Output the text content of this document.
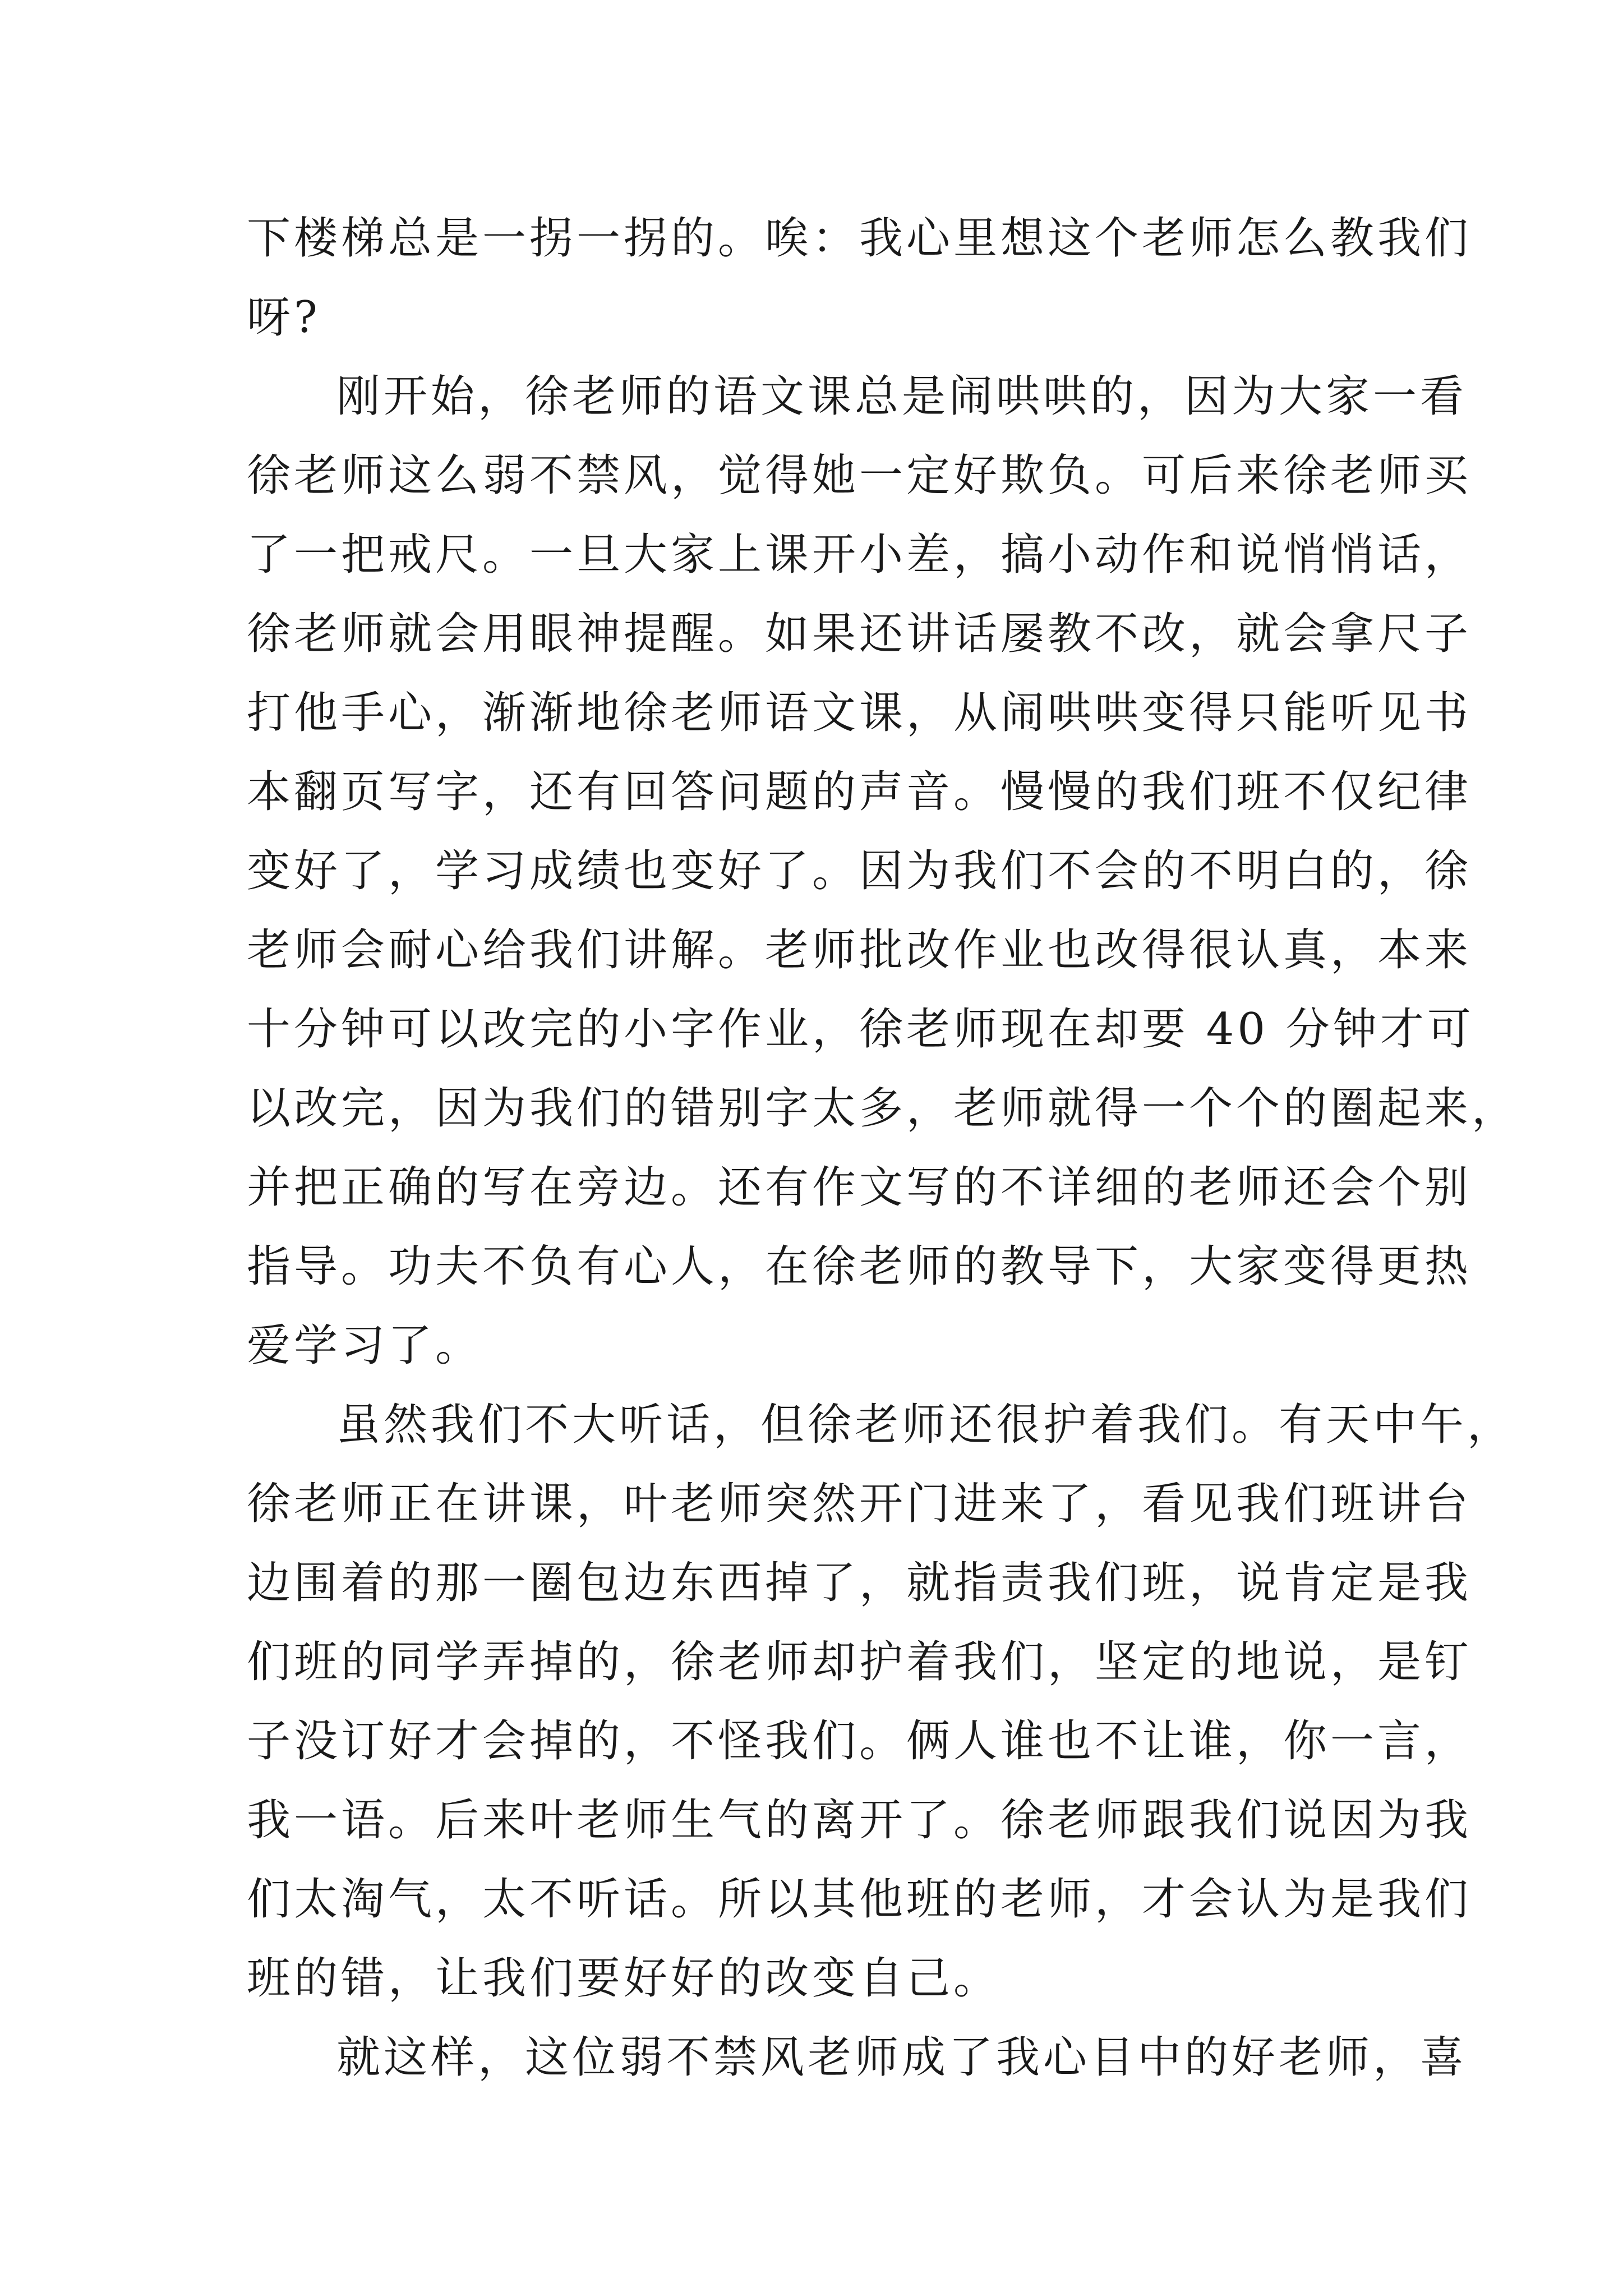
下楼梯总是一拐一拐的。唉：我心里想这个老师怎么教我们
呀?
刚开始，徐老师的语文课总是闹哄哄的，因为大家一看
徐老师这么弱不禁风，觉得她一定好欺负。可后来徐老师买
了一把戒尺。一旦大家上课开小差，搞小动作和说悄悄话，
徐老师就会用眼神提醒。如果还讲话屡教不改，就会拿尺子
打他手心，渐渐地徐老师语文课，从闹哄哄变得只能听见书
本翻页写字，还有回答问题的声音。慢慢的我们班不仅纪律
变好了，学习成绩也变好了。因为我们不会的不明白的，徐
老师会耐心给我们讲解。老师批改作业也改得很认真，本来
十分钟可以改完的小字作业，徐老师现在却要 40 分钟才可
以改完，因为我们的错别字太多，老师就得一个个的圈起来，
并把正确的写在旁边。还有作文写的不详细的老师还会个别
指导。功夫不负有心人，在徐老师的教导下，大家变得更热
爱学习了。
虽然我们不大听话，但徐老师还很护着我们。有天中午，
徐老师正在讲课，叶老师突然开门进来了，看见我们班讲台
边围着的那一圈包边东西掉了，就指责我们班，说肯定是我
们班的同学弄掉的，徐老师却护着我们，坚定的地说，是钉
子没订好才会掉的，不怪我们。俩人谁也不让谁，你一言，
我一语。后来叶老师生气的离开了。徐老师跟我们说因为我
们太淘气，太不听话。所以其他班的老师，才会认为是我们
班的错，让我们要好好的改变自己。
就这样，这位弱不禁风老师成了我心目中的好老师，喜
